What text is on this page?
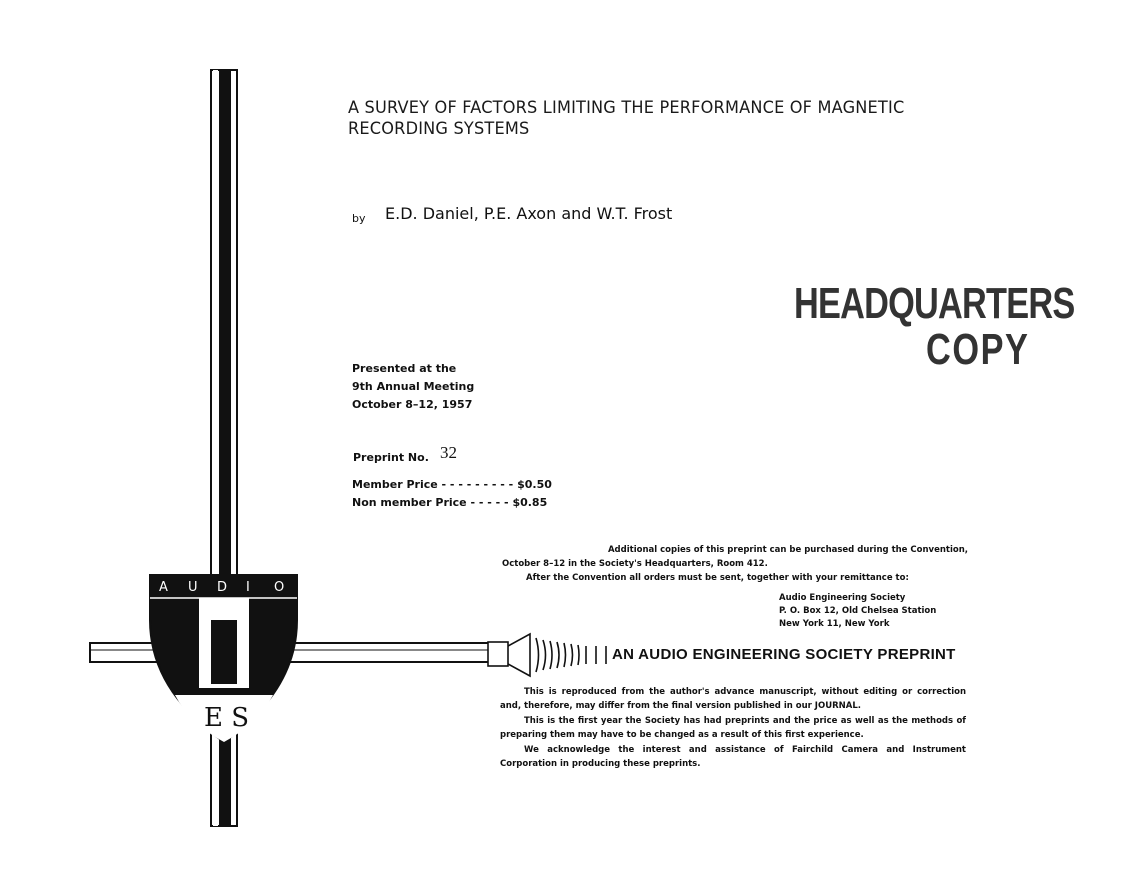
A U	I O
E S
D
A SURVEY OF FACTORS LIMITING THE PERFORMANCE OF MAGNETIC
RECORDING SYSTEMS
by E.D. Daniel, P.E. Axon and W.T. Frost
HEADQUARTERS
COPY
Presented at the
9th Annual Meeting
October 8–12, 1957
Preprint No. 32
Member Price - - - - - - - - - $0.50
Non member Price - - - - - $0.85
Additional copies of this preprint can be purchased during the Convention,
October 8–12 in the Society's Headquarters, Room 412.
After the Convention all orders must be sent, together with your remittance to:
Audio Engineering Society
P. O. Box 12, Old Chelsea Station
New York 11, New York
AN AUDIO ENGINEERING SOCIETY PREPRINT
This is reproduced from the author's advance manuscript, without editing or correction and, therefore, may differ from the final version published in our JOURNAL.
This is the first year the Society has had preprints and the price as well as the methods of preparing them may have to be changed as a result of this first experience.
We acknowledge the interest and assistance of Fairchild Camera and Instrument Corporation in producing these preprints.
